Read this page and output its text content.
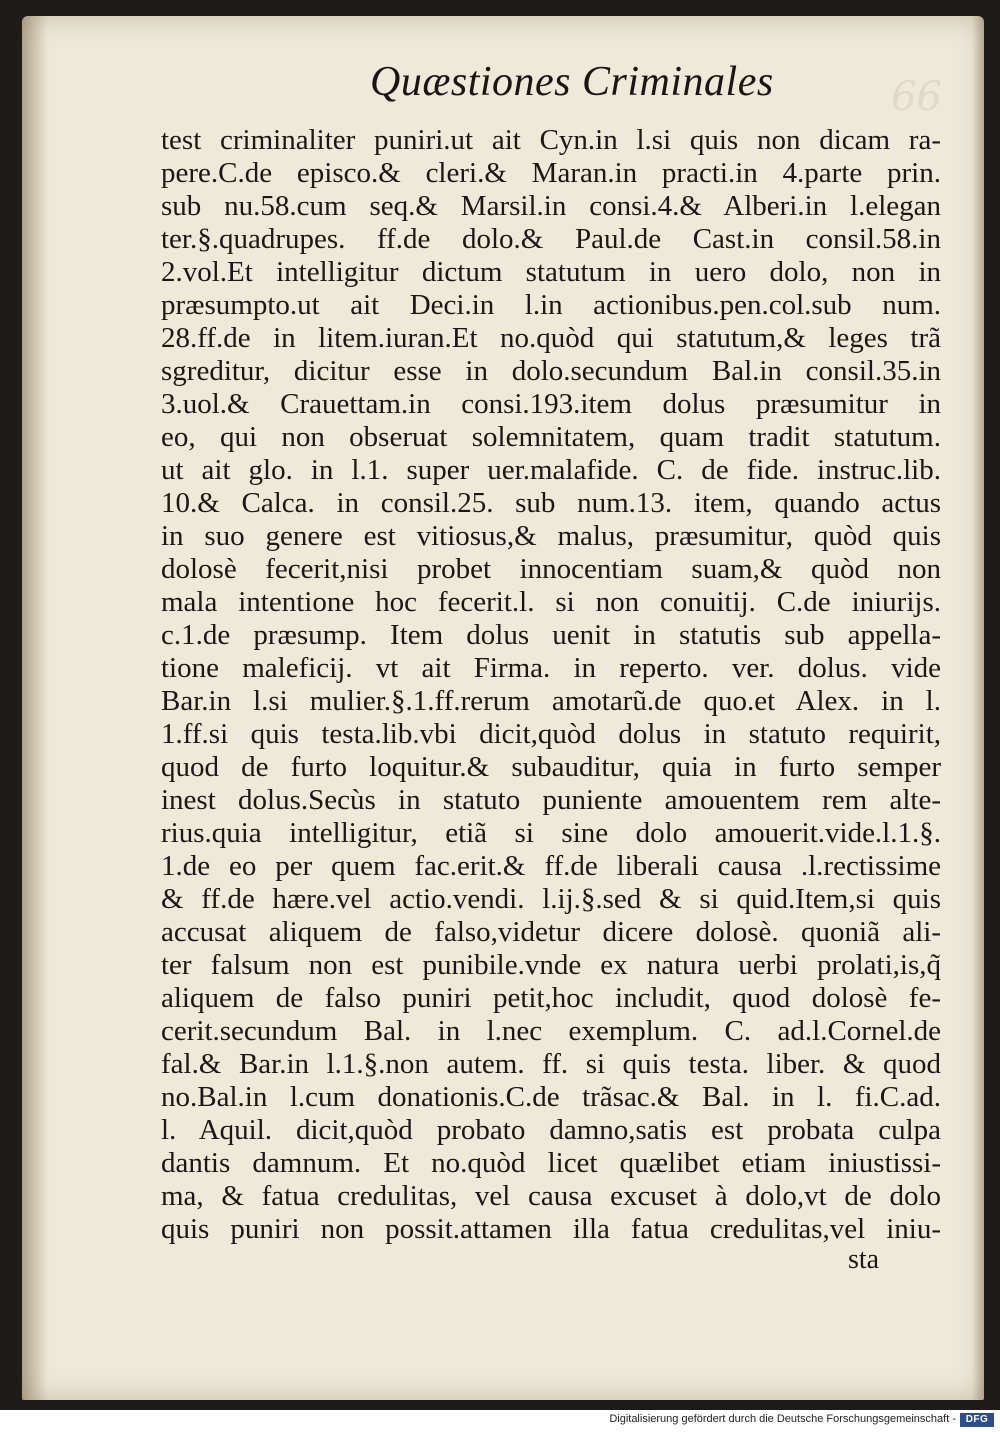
66
Quæstiones Criminales
test criminaliter puniri.ut ait Cyn.in l.si quis non dicam ra-
pere.C.de episco.& cleri.& Maran.in practi.in 4.parte prin.
sub nu.58.cum seq.& Marsil.in consi.4.& Alberi.in l.elegan
ter.§.quadrupes. ff.de dolo.& Paul.de Cast.in consil.58.in
2.vol.Et intelligitur dictum statutum in uero dolo, non in
præsumpto.ut ait Deci.in l.in actionibus.pen.col.sub num.
28.ff.de in litem.iuran.Et no.quòd qui statutum,& leges trã
sgreditur, dicitur esse in dolo.secundum Bal.in consil.35.in
3.uol.& Crauettam.in consi.193.item dolus præsumitur in
eo, qui non obseruat solemnitatem, quam tradit statutum.
ut ait glo. in l.1. super uer.malafide. C. de fide. instruc.lib.
10.& Calca. in consil.25. sub num.13. item, quando actus
in suo genere est vitiosus,& malus, præsumitur, quòd quis
dolosè fecerit,nisi probet innocentiam suam,& quòd non
mala intentione hoc fecerit.l. si non conuitij. C.de iniurijs.
c.1.de præsump. Item dolus uenit in statutis sub appella-
tione maleficij. vt ait Firma. in reperto. ver. dolus. vide
Bar.in l.si mulier.§.1.ff.rerum amotarũ.de quo.et Alex. in l.
1.ff.si quis testa.lib.vbi dicit,quòd dolus in statuto requirit,
quod de furto loquitur.& subauditur, quia in furto semper
inest dolus.Secùs in statuto puniente amouentem rem alte-
rius.quia intelligitur, etiã si sine dolo amouerit.vide.l.1.§.
1.de eo per quem fac.erit.& ff.de liberali causa .l.rectissime
& ff.de hære.vel actio.vendi. l.ij.§.sed & si quid.Item,si quis
accusat aliquem de falso,videtur dicere dolosè. quoniã ali-
ter falsum non est punibile.vnde ex natura uerbi prolati,is,q̃
aliquem de falso puniri petit,hoc includit, quod dolosè fe-
cerit.secundum Bal. in l.nec exemplum. C. ad.l.Cornel.de
fal.& Bar.in l.1.§.non autem. ff. si quis testa. liber. & quod
no.Bal.in l.cum donationis.C.de trãsac.& Bal. in l. fi.C.ad.
l. Aquil. dicit,quòd probato damno,satis est probata culpa
dantis damnum. Et no.quòd licet quælibet etiam iniustissi-
ma, & fatua credulitas, vel causa excuset à dolo,vt de dolo
quis puniri non possit.attamen illa fatua credulitas,vel iniu-
sta
Digitalisierung gefördert durch die Deutsche Forschungsgemeinschaft - DFG
